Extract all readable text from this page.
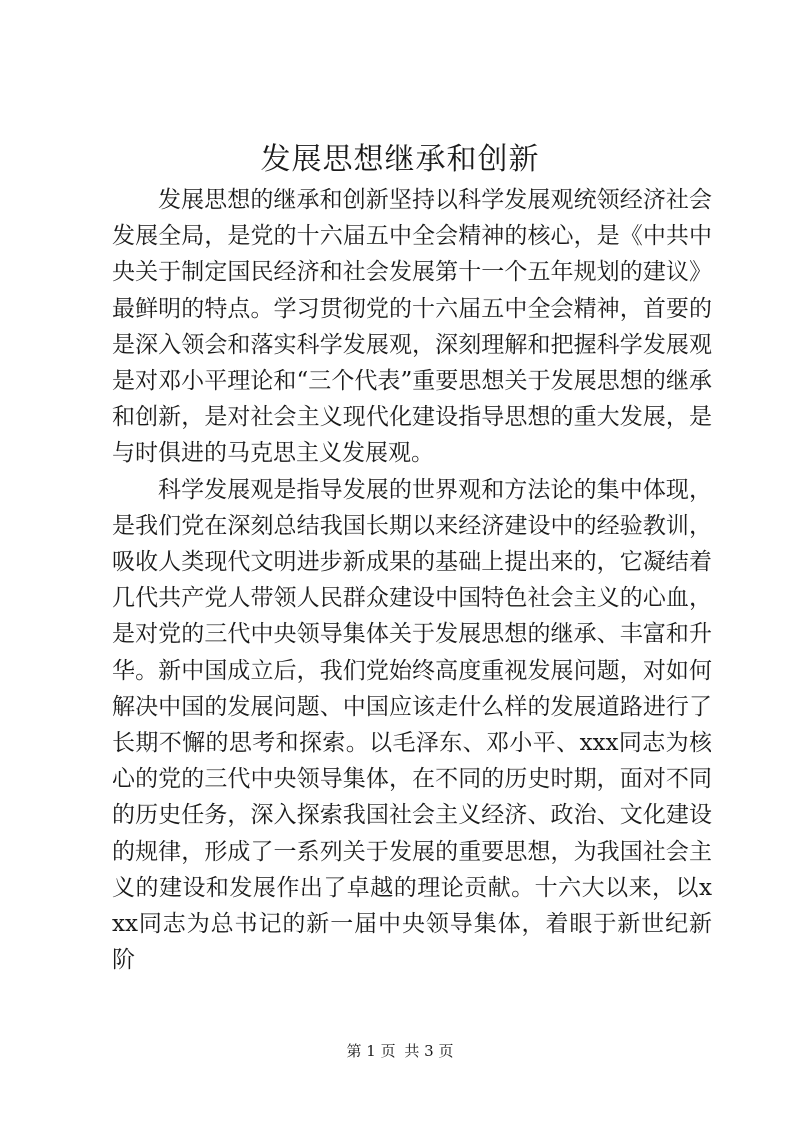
发展思想继承和创新

发展思想的继承和创新坚持以科学发展观统领经济社会发展全局，是党的十六届五中全会精神的核心，是《中共中央关于制定国民经济和社会发展第十一个五年规划的建议》最鲜明的特点。学习贯彻党的十六届五中全会精神，首要的是深入领会和落实科学发展观，深刻理解和把握科学发展观是对邓小平理论和“三个代表”重要思想关于发展思想的继承和创新，是对社会主义现代化建设指导思想的重大发展，是与时俱进的马克思主义发展观。

科学发展观是指导发展的世界观和方法论的集中体现，是我们党在深刻总结我国长期以来经济建设中的经验教训，吸收人类现代文明进步新成果的基础上提出来的，它凝结着几代共产党人带领人民群众建设中国特色社会主义的心血，是对党的三代中央领导集体关于发展思想的继承、丰富和升华。新中国成立后，我们党始终高度重视发展问题，对如何解决中国的发展问题、中国应该走什么样的发展道路进行了长期不懈的思考和探索。以毛泽东、邓小平、xxx同志为核心的党的三代中央领导集体，在不同的历史时期，面对不同的历史任务，深入探索我国社会主义经济、政治、文化建设的规律，形成了一系列关于发展的重要思想，为我国社会主义的建设和发展作出了卓越的理论贡献。十六大以来，以xxx同志为总书记的新一届中央领导集体，着眼于新世纪新阶

第 1 页 共 3 页
